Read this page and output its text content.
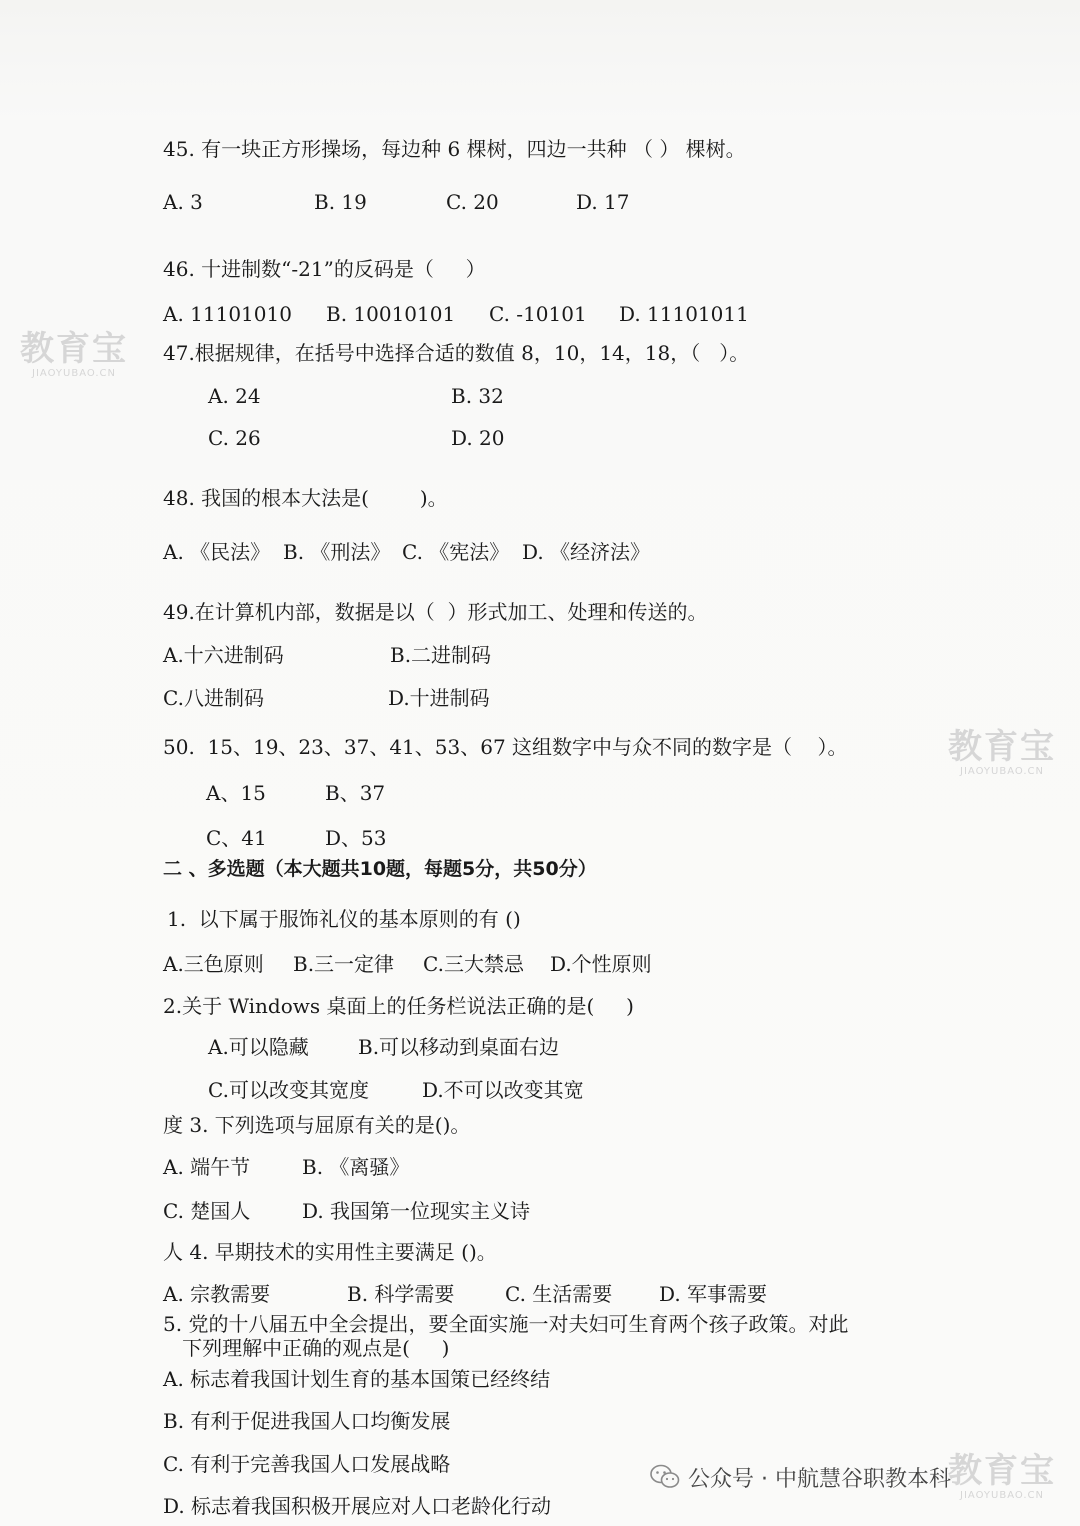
45. 有一块正方形操场，每边种 6 棵树，四边一共种 （ ） 棵树。
A. 3	B. 19	C. 20	D. 17
46. 十进制数“-21”的反码是（     ）
A. 11101010 B. 10010101 C. -10101 D. 11101011
47.根据规律，在括号中选择合适的数值 8，10，14，18，（   ）。
A. 24	B. 32
C. 26	D. 20
48. 我国的根本大法是(        )。
A. 《民法》 B. 《刑法》 C. 《宪法》 D. 《经济法》
49.在计算机内部，数据是以（  ）形式加工、处理和传送的。
A.十六进制码	B.二进制码
C.八进制码	D.十进制码
50.  15、19、23、37、41、53、67 这组数字中与众不同的数字是（    ）。
A、15	B、37
C、41	D、53
二 、多选题（本大题共10题，每题5分，共50分）
1.  以下属于服饰礼仪的基本原则的有 ()
A.三色原则 B.三一定律 C.三大禁忌 D.个性原则
2.关于 Windows 桌面上的任务栏说法正确的是(     )
A.可以隐藏 B.可以移动到桌面右边
C.可以改变其宽度	D.不可以改变其宽
度 3. 下列选项与屈原有关的是()。
A. 端午节	B. 《离骚》
C. 楚国人	D. 我国第一位现实主义诗
人 4. 早期技术的实用性主要满足 ()。
A. 宗教需要	B. 科学需要	C. 生活需要 D. 军事需要
5. 党的十八届五中全会提出，要全面实施一对夫妇可生育两个孩子政策。对此
下列理解中正确的观点是(     )
A. 标志着我国计划生育的基本国策已经终结
B. 有利于促进我国人口均衡发展
C. 有利于完善我国人口发展战略
D. 标志着我国积极开展应对人口老龄化行动
教育宝
JIAOYUBAO.CN
教育宝
JIAOYUBAO.CN
教育宝
JIAOYUBAO.CN
公众号 · 中航慧谷职教本科
